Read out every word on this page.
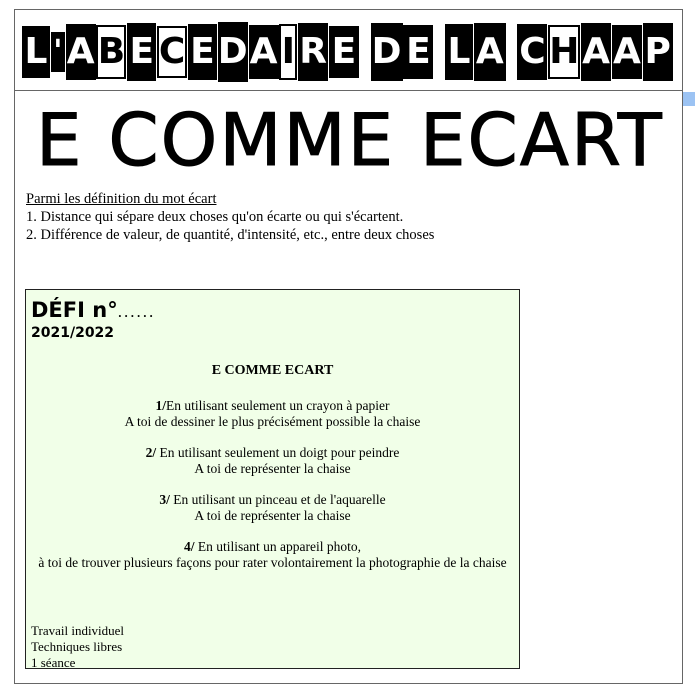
L ' A B E C E D A I R E D E L A C H A A P
E COMME ECART
Parmi les définition du mot écart
1. Distance qui sépare deux choses qu'on écarte ou qui s'écartent.
2. Différence de valeur, de quantité, d'intensité, etc., entre deux choses
DÉFI n°......
2021/2022
E COMME ECART
1/En utilisant seulement un crayon à papier
A toi de dessiner le plus précisément possible la chaise
2/ En utilisant seulement un doigt pour peindre
A toi de représenter la chaise
3/ En utilisant un pinceau et de l'aquarelle
A toi de représenter la chaise
4/ En utilisant un appareil photo,
à toi de trouver plusieurs façons pour rater volontairement la photographie de la chaise
Travail individuel
Techniques libres
1 séance
